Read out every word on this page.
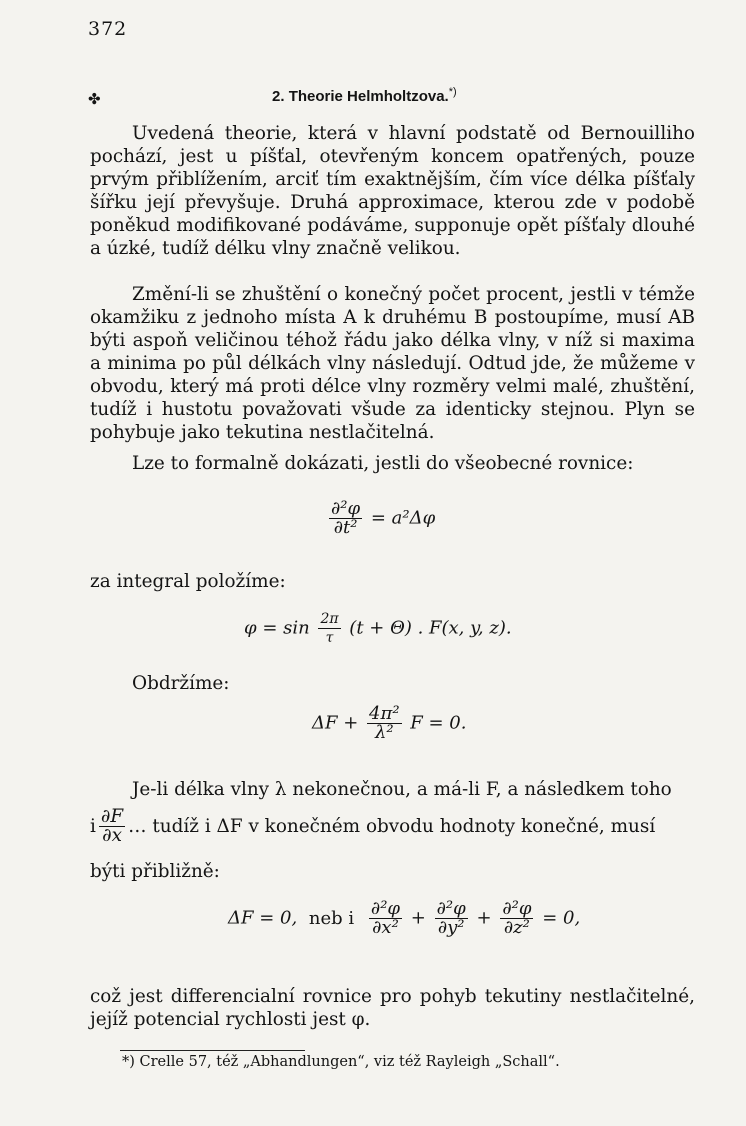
372
✤	2. Theorie Helmholtzova.*)

Uvedená theorie, která v hlavní podstatě od Bernouilliho pochází, jest u píšťal, otevřeným koncem opatřených, pouze prvým přiblížením, arciť tím exaktnějším, čím více délka píšťaly šířku její převyšuje. Druhá approximace, kterou zde v podobě poněkud modifikované podáváme, supponuje opět píšťaly dlouhé a úzké, tudíž délku vlny značně velikou.

Změní-li se zhuštění o konečný počet procent, jestli v témže okamžiku z jednoho místa A k druhému B postoupíme, musí AB býti aspoň veličinou téhož řádu jako délka vlny, v níž si maxima a minima po půl délkách vlny následují. Odtud jde, že můžeme v obvodu, který má proti délce vlny rozměry velmi malé, zhuštění, tudíž i hustotu považovati všude za identicky stejnou. Plyn se pohybuje jako tekutina nestlačitelná.

Lze to formalně dokázati, jestli do všeobecné rovnice:

$\frac{\text{∂²φ}}{\text{∂t²}} = a^2\Delta\varphi$

za integral položíme:

$\varphi = \sin \frac{2\pi}{\tau} (t + \Theta)$ . F(x, y, z).

Obdržíme:

$\Delta F + \frac{\text{4π²}}{\text{λ²}}$ F = 0.

Je-li délka vlny λ nekonečnou, a má-li F, a následkem toho

i $\frac{\partial F}{\partial x}$ … tudíž i ΔF v konečném obvodu hodnoty konečné, musí

býti přibližně:

ΔF = 0, neb i $\frac{\text{∂²φ}}{\text{∂x²}} + \frac{\text{∂²φ}}{\text{∂y²}} + \frac{\text{∂²φ}}{\text{∂z²}} = 0$,

což jest differencialní rovnice pro pohyb tekutiny nestlačitelné, jejíž potencial rychlosti jest φ.

*) Crelle 57, též „Abhandlungen“, viz též Rayleigh „Schall“.
